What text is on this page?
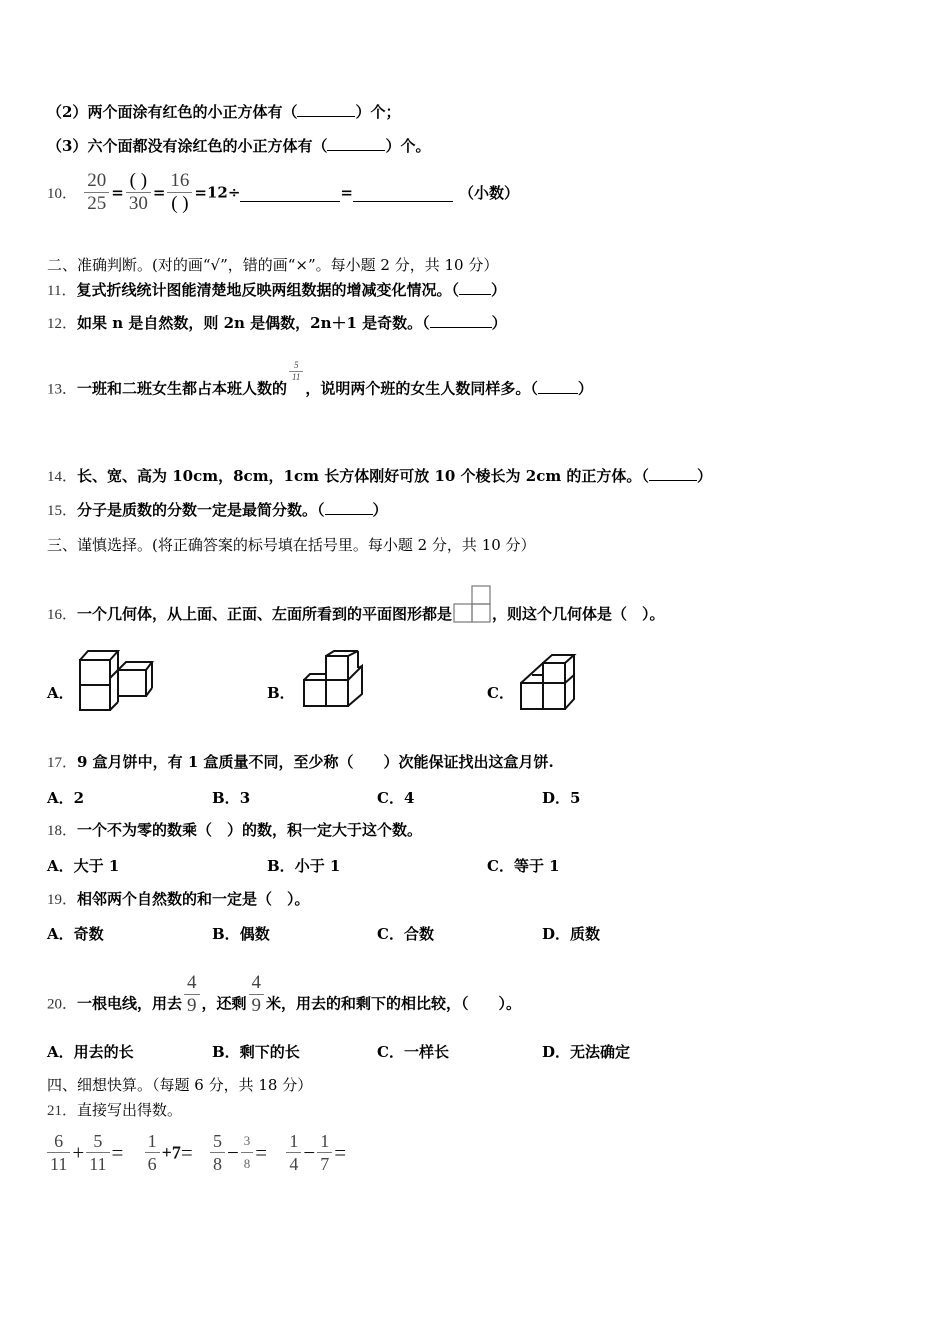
（2）两个面涂有红色的小正方体有（	）个；
（3）六个面都没有涂红色的小正方体有（	）个。
10． $\frac{20}{25} = \frac{( )}{30} = \frac{16}{( )} =12\div$	=	（小数）
二、准确判断。(对的画“√”，错的画“×”。每小题 2 分，共 10 分）
11．复式折线统计图能清楚地反映两组数据的增减变化情况。（ ）
12．如果 n 是自然数，则 2n 是偶数，2n＋1 是奇数。（	）
13．一班和二班女生都占本班人数的
$\frac{5}{11}$
，说明两个班的女生人数同样多。（	）
14．长、宽、高为 10cm，8cm，1cm 长方体刚好可放 10 个棱长为 2cm 的正方体。（	）
15．分子是质数的分数一定是最简分数。（	）
三、谨慎选择。(将正确答案的标号填在括号里。每小题 2 分，共 10 分）
16．一个几何体，从上面、正面、左面所看到的平面图形都是	，则这个几何体是（　）。
A．	B．	C．
17．9 盒月饼中，有 1 盒质量不同，至少称（　　）次能保证找出这盒月饼.
A．2	B．3	C．4	D．5
18．一个不为零的数乘（　）的数，积一定大于这个数。
A．大于 1	B．小于 1	C．等于 1
19．相邻两个自然数的和一定是（　）。
A．奇数	B．偶数	C．合数	D．质数
20．一根电线，用去 $\frac{4}{9}$ ，还剩 $\frac{4}{9}$ 米，用去的和剩下的相比较，（　　）。
A．用去的长	B．剩下的长	C．一样长	D．无法确定
四、细想快算。（每题 6 分，共 18 分）
21．直接写出得数。
$\frac{6}{11} + \frac{5}{11} = \frac{1}{6} +7= \frac{5}{8} - \frac{3}{8} = \frac{1}{4} - \frac{1}{7}$ =
